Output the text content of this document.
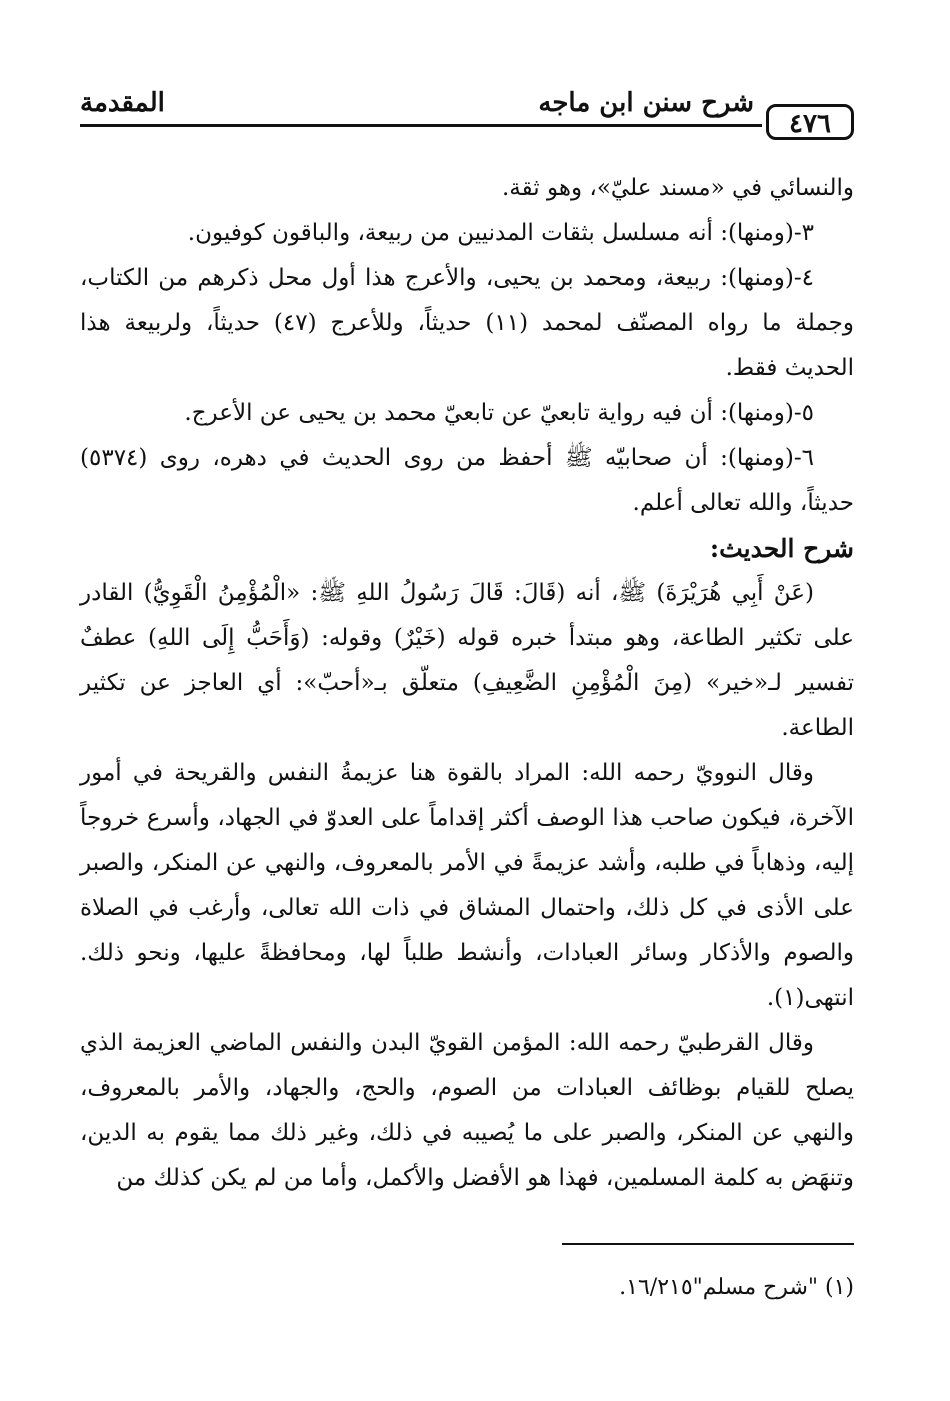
٤٧٦
شرح سنن ابن ماجه
المقدمة

والنسائي في «مسند عليّ»، وهو ثقة.

٣-(ومنها): أنه مسلسل بثقات المدنيين من ربيعة، والباقون كوفيون.

٤-(ومنها): ربيعة، ومحمد بن يحيى، والأعرج هذا أول محل ذكرهم من الكتاب، وجملة ما رواه المصنّف لمحمد (١١) حديثاً، وللأعرج (٤٧) حديثاً، ولربيعة هذا الحديث فقط.

٥-(ومنها): أن فيه رواية تابعيّ عن تابعيّ محمد بن يحيى عن الأعرج.

٦-(ومنها): أن صحابيّه ﷺ أحفظ من روى الحديث في دهره، روى (٥٣٧٤) حديثاً، والله تعالى أعلم.

شرح الحديث:

(عَنْ أَبِي هُرَيْرَةَ) ﷺ، أنه (قَالَ: قَالَ رَسُولُ اللهِ ﷺ: «الْمُؤْمِنُ الْقَوِيُّ) القادر على تكثير الطاعة، وهو مبتدأ خبره قوله (خَيْرٌ) وقوله: (وَأَحَبُّ إِلَى اللهِ) عطفٌ تفسير لـ«خير» (مِنَ الْمُؤْمِنِ الضَّعِيفِ) متعلّق بـ«أحبّ»: أي العاجز عن تكثير الطاعة.

وقال النوويّ رحمه الله: المراد بالقوة هنا عزيمةُ النفس والقريحة في أمور الآخرة، فيكون صاحب هذا الوصف أكثر إقداماً على العدوّ في الجهاد، وأسرع خروجاً إليه، وذهاباً في طلبه، وأشد عزيمةً في الأمر بالمعروف، والنهي عن المنكر، والصبر على الأذى في كل ذلك، واحتمال المشاق في ذات الله تعالى، وأرغب في الصلاة والصوم والأذكار وسائر العبادات، وأنشط طلباً لها، ومحافظةً عليها، ونحو ذلك. انتهى(١).

وقال القرطبيّ رحمه الله: المؤمن القويّ البدن والنفس الماضي العزيمة الذي يصلح للقيام بوظائف العبادات من الصوم، والحج، والجهاد، والأمر بالمعروف، والنهي عن المنكر، والصبر على ما يُصيبه في ذلك، وغير ذلك مما يقوم به الدين، وتنهَض به كلمة المسلمين، فهذا هو الأفضل والأكمل، وأما من لم يكن كذلك من

(١) "شرح مسلم"١٦/٢١٥.
